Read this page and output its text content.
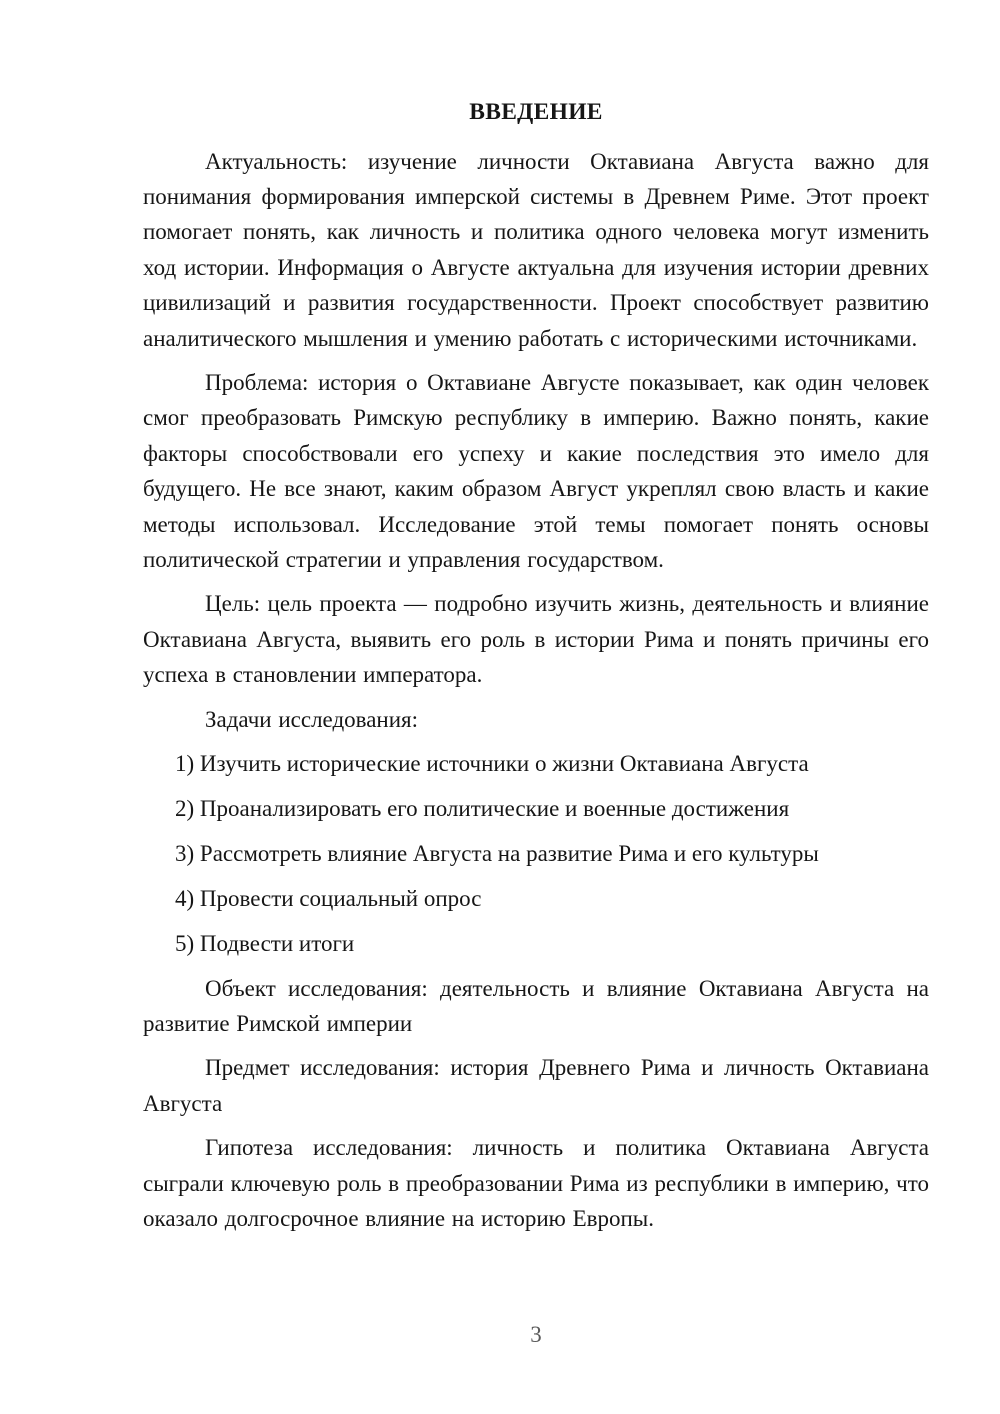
ВВЕДЕНИЕ

Актуальность: изучение личности Октавиана Августа важно для понимания формирования имперской системы в Древнем Риме. Этот проект помогает понять, как личность и политика одного человека могут изменить ход истории. Информация о Августе актуальна для изучения истории древних цивилизаций и развития государственности. Проект способствует развитию аналитического мышления и умению работать с историческими источниками.

Проблема: история о Октавиане Августе показывает, как один человек смог преобразовать Римскую республику в империю. Важно понять, какие факторы способствовали его успеху и какие последствия это имело для будущего. Не все знают, каким образом Август укреплял свою власть и какие методы использовал. Исследование этой темы помогает понять основы политической стратегии и управления государством.

Цель: цель проекта — подробно изучить жизнь, деятельность и влияние Октавиана Августа, выявить его роль в истории Рима и понять причины его успеха в становлении императора.

Задачи исследования:

1) Изучить исторические источники о жизни Октавиана Августа

2) Проанализировать его политические и военные достижения

3) Рассмотреть влияние Августа на развитие Рима и его культуры

4) Провести социальный опрос

5) Подвести итоги

Объект исследования: деятельность и влияние Октавиана Августа на развитие Римской империи

Предмет исследования: история Древнего Рима и личность Октавиана Августа

Гипотеза исследования: личность и политика Октавиана Августа сыграли ключевую роль в преобразовании Рима из республики в империю, что оказало долгосрочное влияние на историю Европы.

3
